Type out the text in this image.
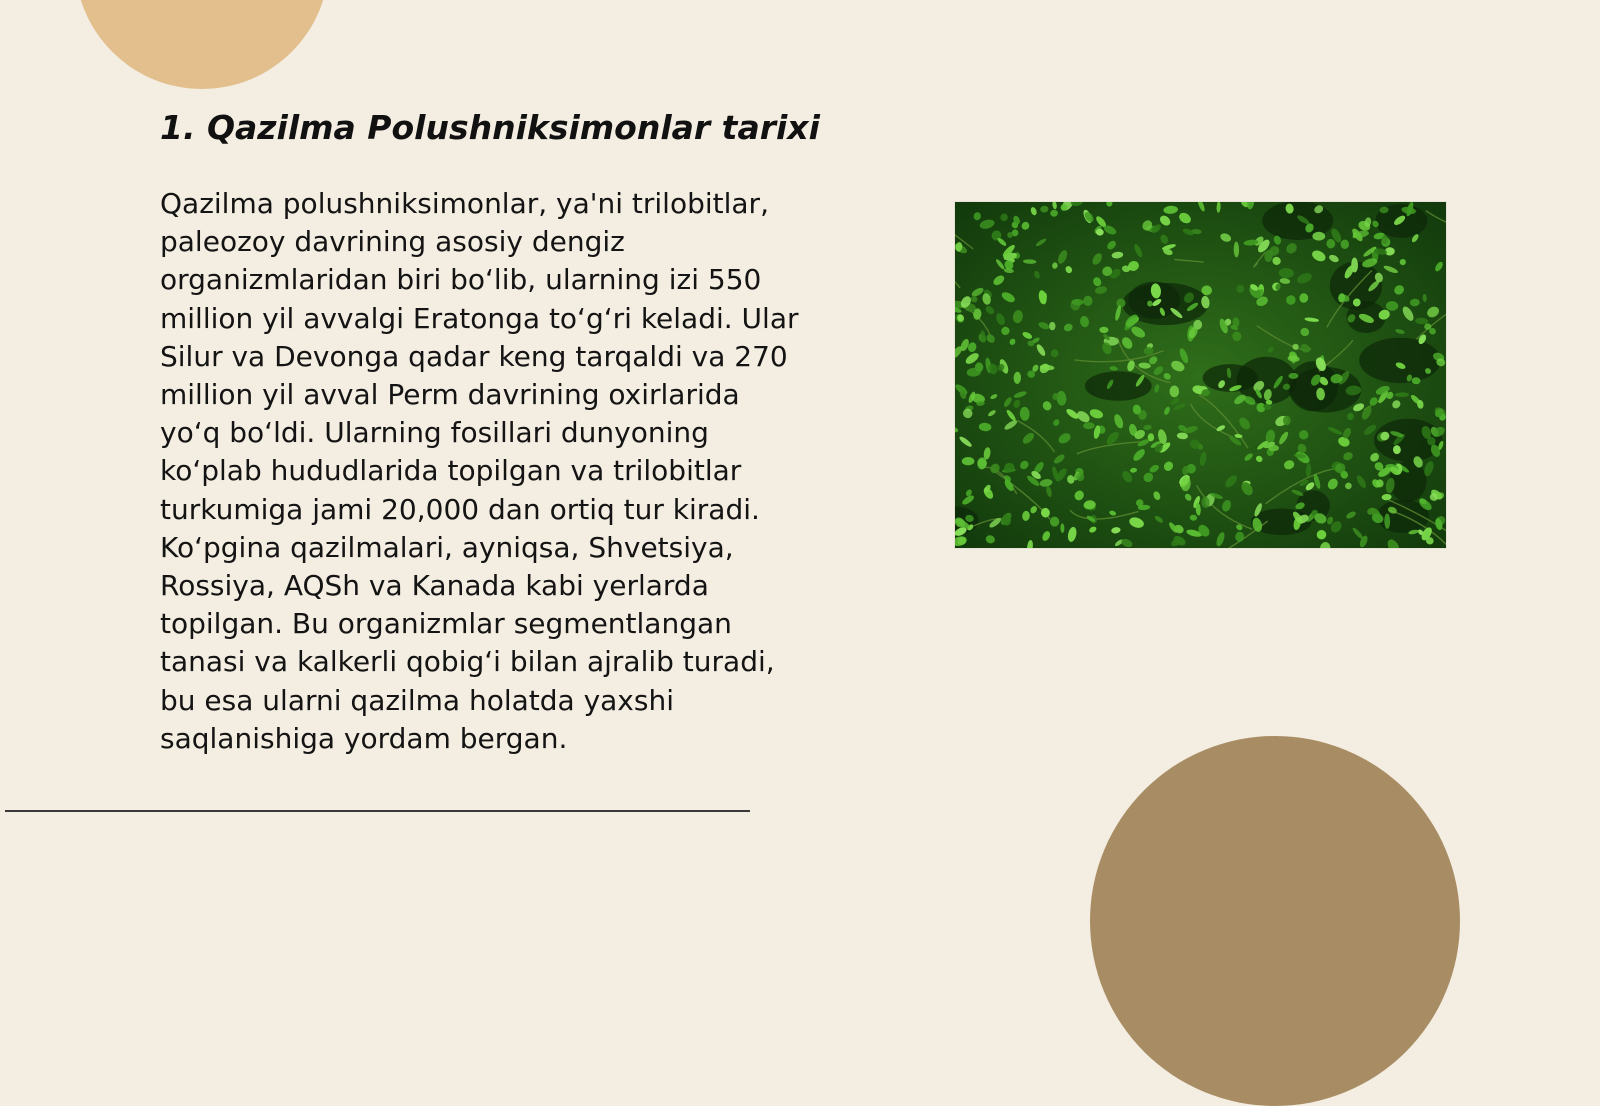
1. Qazilma Polushniksimonlar tarixi
Qazilma polushniksimonlar, ya'ni trilobitlar,
paleozoy davrining asosiy dengiz
organizmlaridan biri bo‘lib, ularning izi 550
million yil avvalgi Eratonga to‘g‘ri keladi. Ular
Silur va Devonga qadar keng tarqaldi va 270
million yil avval Perm davrining oxirlarida
yo‘q bo‘ldi. Ularning fosillari dunyoning
ko‘plab hududlarida topilgan va trilobitlar
turkumiga jami 20,000 dan ortiq tur kiradi.
Ko‘pgina qazilmalari, ayniqsa, Shvetsiya,
Rossiya, AQSh va Kanada kabi yerlarda
topilgan. Bu organizmlar segmentlangan
tanasi va kalkerli qobig‘i bilan ajralib turadi,
bu esa ularni qazilma holatda yaxshi
saqlanishiga yordam bergan.
